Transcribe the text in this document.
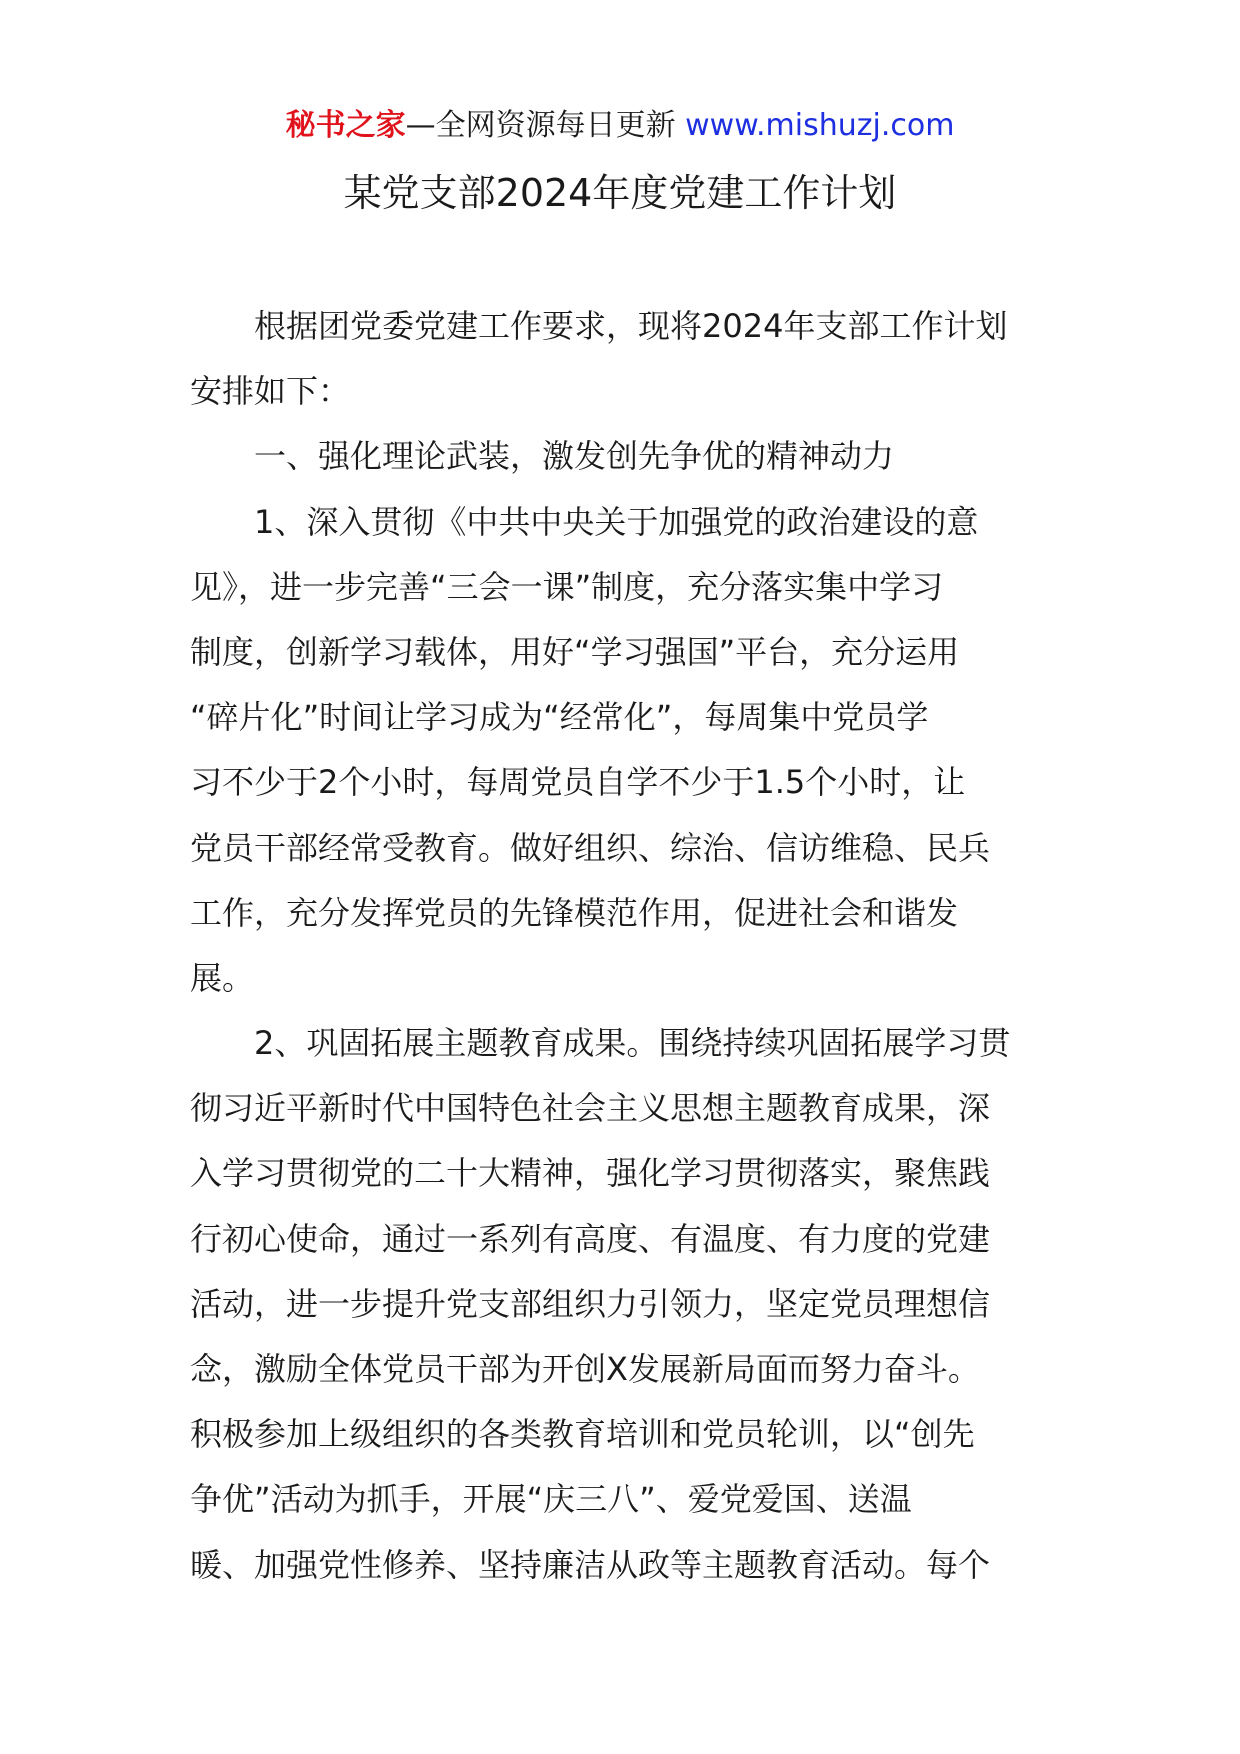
秘书之家—全网资源每日更新 www.mishuzj.com
某党支部2024年度党建工作计划
根据团党委党建工作要求，现将2024年支部工作计划
安排如下：
一、强化理论武装，激发创先争优的精神动力
1、深入贯彻《中共中央关于加强党的政治建设的意
见》，进一步完善“三会一课”制度，充分落实集中学习
制度，创新学习载体，用好“学习强国”平台，充分运用
“碎片化”时间让学习成为“经常化”，每周集中党员学
习不少于2个小时，每周党员自学不少于1.5个小时，让
党员干部经常受教育。做好组织、综治、信访维稳、民兵
工作，充分发挥党员的先锋模范作用，促进社会和谐发
展。
2、巩固拓展主题教育成果。围绕持续巩固拓展学习贯
彻习近平新时代中国特色社会主义思想主题教育成果，深
入学习贯彻党的二十大精神，强化学习贯彻落实，聚焦践
行初心使命，通过一系列有高度、有温度、有力度的党建
活动，进一步提升党支部组织力引领力，坚定党员理想信
念，激励全体党员干部为开创X发展新局面而努力奋斗。
积极参加上级组织的各类教育培训和党员轮训，以“创先
争优”活动为抓手，开展“庆三八”、爱党爱国、送温
暖、加强党性修养、坚持廉洁从政等主题教育活动。每个
